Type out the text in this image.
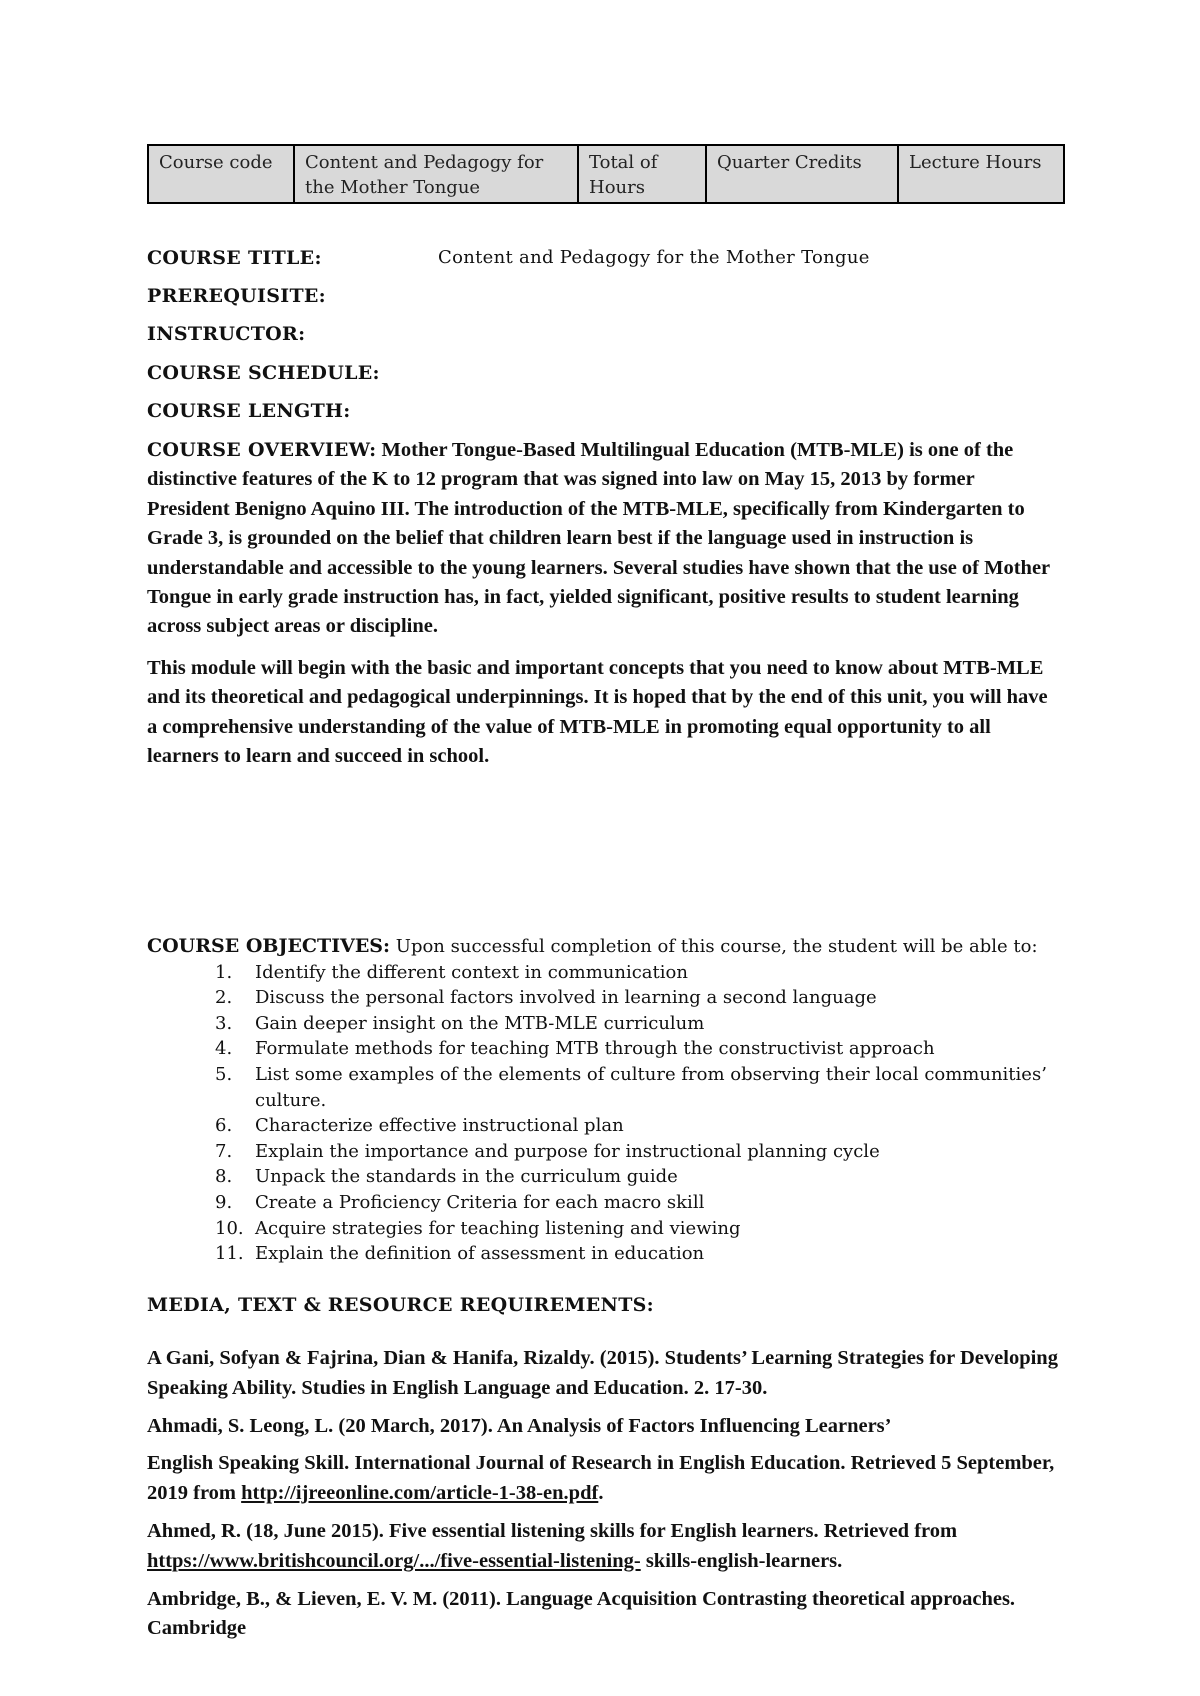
Course code	Content and Pedagogy for the Mother Tongue	Total of Hours	Quarter Credits	Lecture Hours
COURSE TITLE:	Content and Pedagogy for the Mother Tongue
PREREQUISITE:
INSTRUCTOR:
COURSE SCHEDULE:
COURSE LENGTH:

COURSE OVERVIEW: Mother Tongue-Based Multilingual Education (MTB-MLE) is one of the distinctive features of the K to 12 program that was signed into law on May 15, 2013 by former President Benigno Aquino III. The introduction of the MTB-MLE, specifically from Kindergarten to Grade 3, is grounded on the belief that children learn best if the language used in instruction is understandable and accessible to the young learners. Several studies have shown that the use of Mother Tongue in early grade instruction has, in fact, yielded significant, positive results to student learning across subject areas or discipline.

This module will begin with the basic and important concepts that you need to know about MTB-MLE and its theoretical and pedagogical underpinnings. It is hoped that by the end of this unit, you will have a comprehensive understanding of the value of MTB-MLE in promoting equal opportunity to all learners to learn and succeed in school.

COURSE OBJECTIVES: Upon successful completion of this course, the student will be able to:
1. Identify the different context in communication
2. Discuss the personal factors involved in learning a second language
3. Gain deeper insight on the MTB-MLE curriculum
4. Formulate methods for teaching MTB through the constructivist approach
5. List some examples of the elements of culture from observing their local communities’ culture.
6. Characterize effective instructional plan
7. Explain the importance and purpose for instructional planning cycle
8. Unpack the standards in the curriculum guide
9. Create a Proficiency Criteria for each macro skill
10. Acquire strategies for teaching listening and viewing
11. Explain the definition of assessment in education
MEDIA, TEXT & RESOURCE REQUIREMENTS:

A Gani, Sofyan & Fajrina, Dian & Hanifa, Rizaldy. (2015). Students’ Learning Strategies for Developing Speaking Ability. Studies in English Language and Education. 2. 17-30.

Ahmadi, S. Leong, L. (20 March, 2017). An Analysis of Factors Influencing Learners’

English Speaking Skill. International Journal of Research in English Education. Retrieved 5 September, 2019 from http://ijreeonline.com/article-1-38-en.pdf.

Ahmed, R. (18, June 2015). Five essential listening skills for English learners. Retrieved from https://www.britishcouncil.org/.../five-essential-listening- skills-english-learners.

Ambridge, B., & Lieven, E. V. M. (2011). Language Acquisition Contrasting theoretical approaches. Cambridge
